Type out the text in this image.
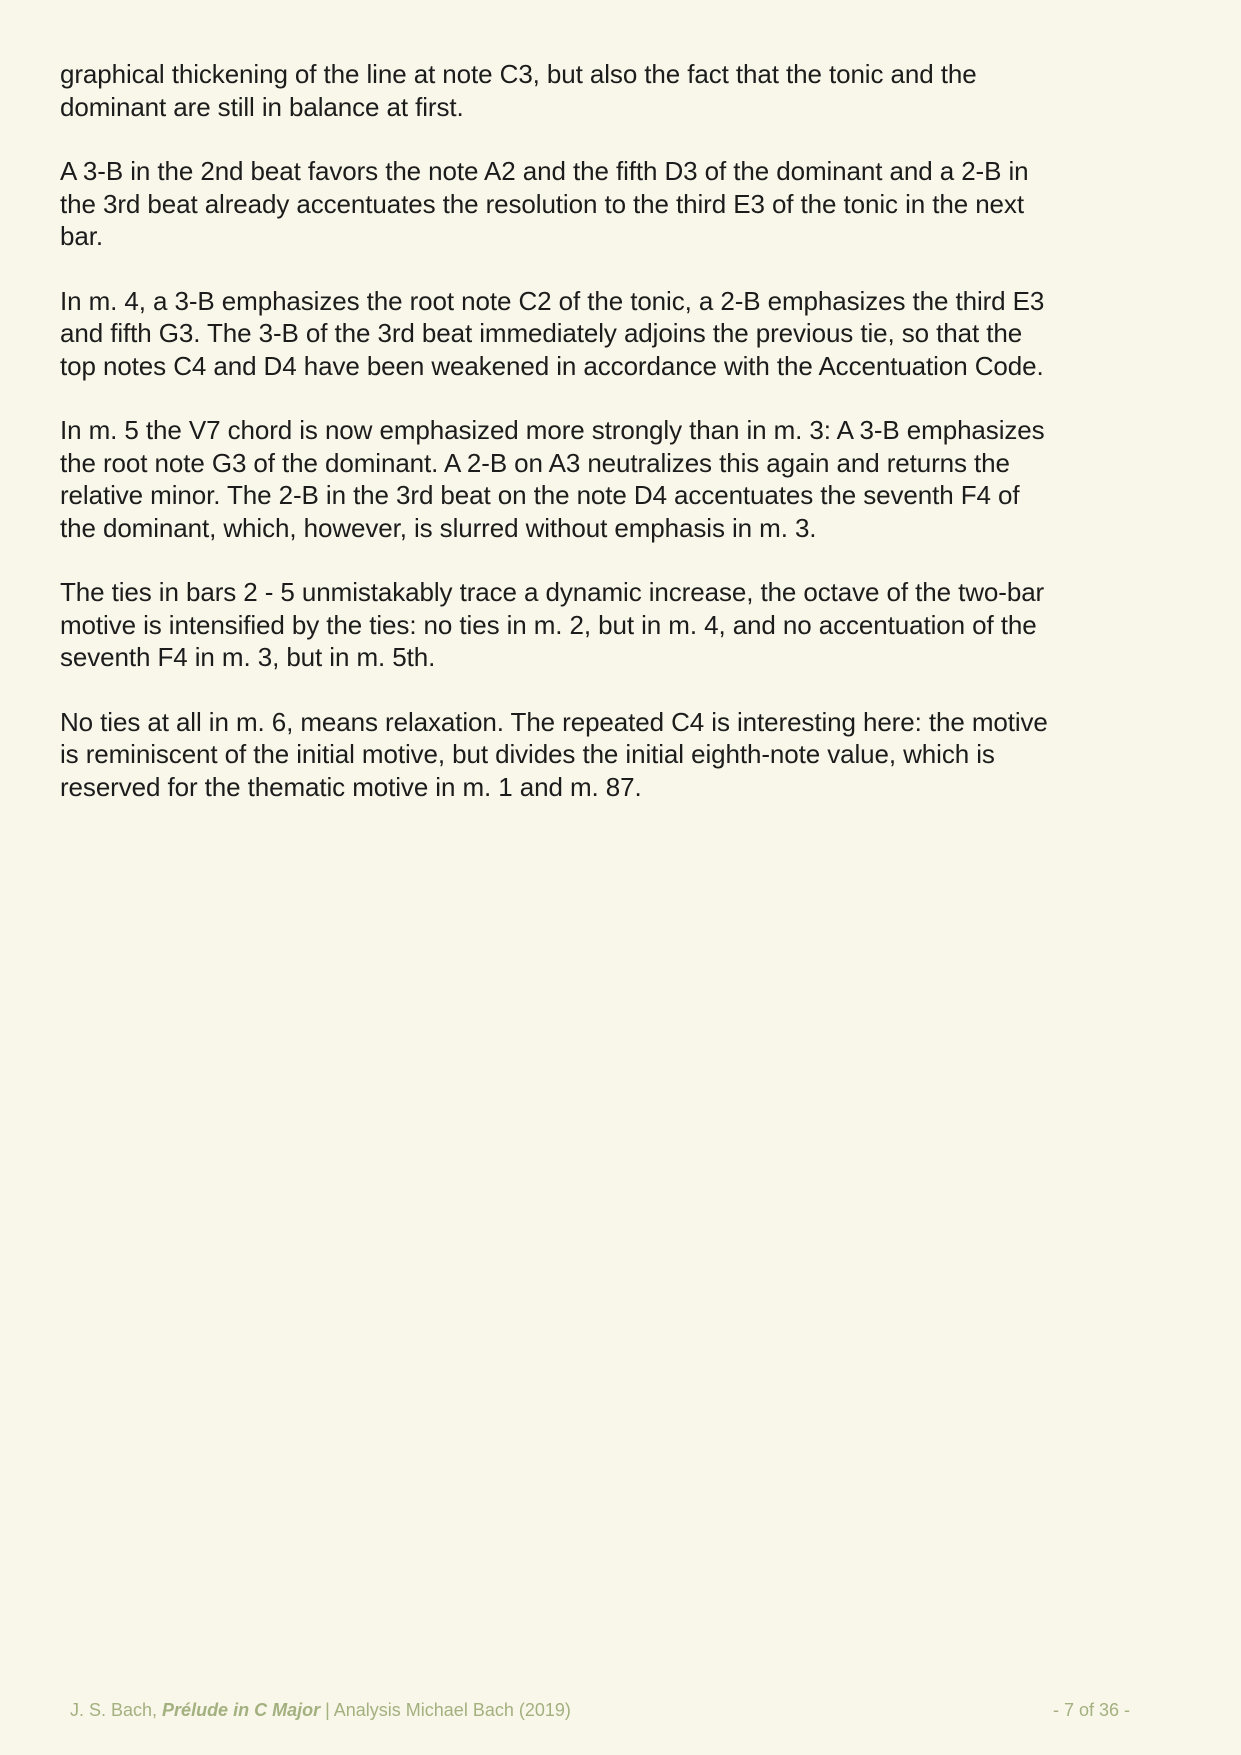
graphical thickening of the line at note C3, but also the fact that the tonic and the
dominant are still in balance at first.

A 3-B in the 2nd beat favors the note A2 and the fifth D3 of the dominant and a 2-B in
the 3rd beat already accentuates the resolution to the third E3 of the tonic in the next
bar.

In m. 4, a 3-B emphasizes the root note C2 of the tonic, a 2-B emphasizes the third E3
and fifth G3. The 3-B of the 3rd beat immediately adjoins the previous tie, so that the
top notes C4 and D4 have been weakened in accordance with the Accentuation Code.

In m. 5 the V7 chord is now emphasized more strongly than in m. 3: A 3-B emphasizes
the root note G3 of the dominant. A 2-B on A3 neutralizes this again and returns the
relative minor. The 2-B in the 3rd beat on the note D4 accentuates the seventh F4 of
the dominant, which, however, is slurred without emphasis in m. 3.

The ties in bars 2 - 5 unmistakably trace a dynamic increase, the octave of the two-bar
motive is intensified by the ties: no ties in m. 2, but in m. 4, and no accentuation of the
seventh F4 in m. 3, but in m. 5th.

No ties at all in m. 6, means relaxation. The repeated C4 is interesting here: the motive
is reminiscent of the initial motive, but divides the initial eighth-note value, which is
reserved for the thematic motive in m. 1 and m. 87.

J. S. Bach, Prélude in C Major | Analysis Michael Bach (2019)	- 7 of 36 -
